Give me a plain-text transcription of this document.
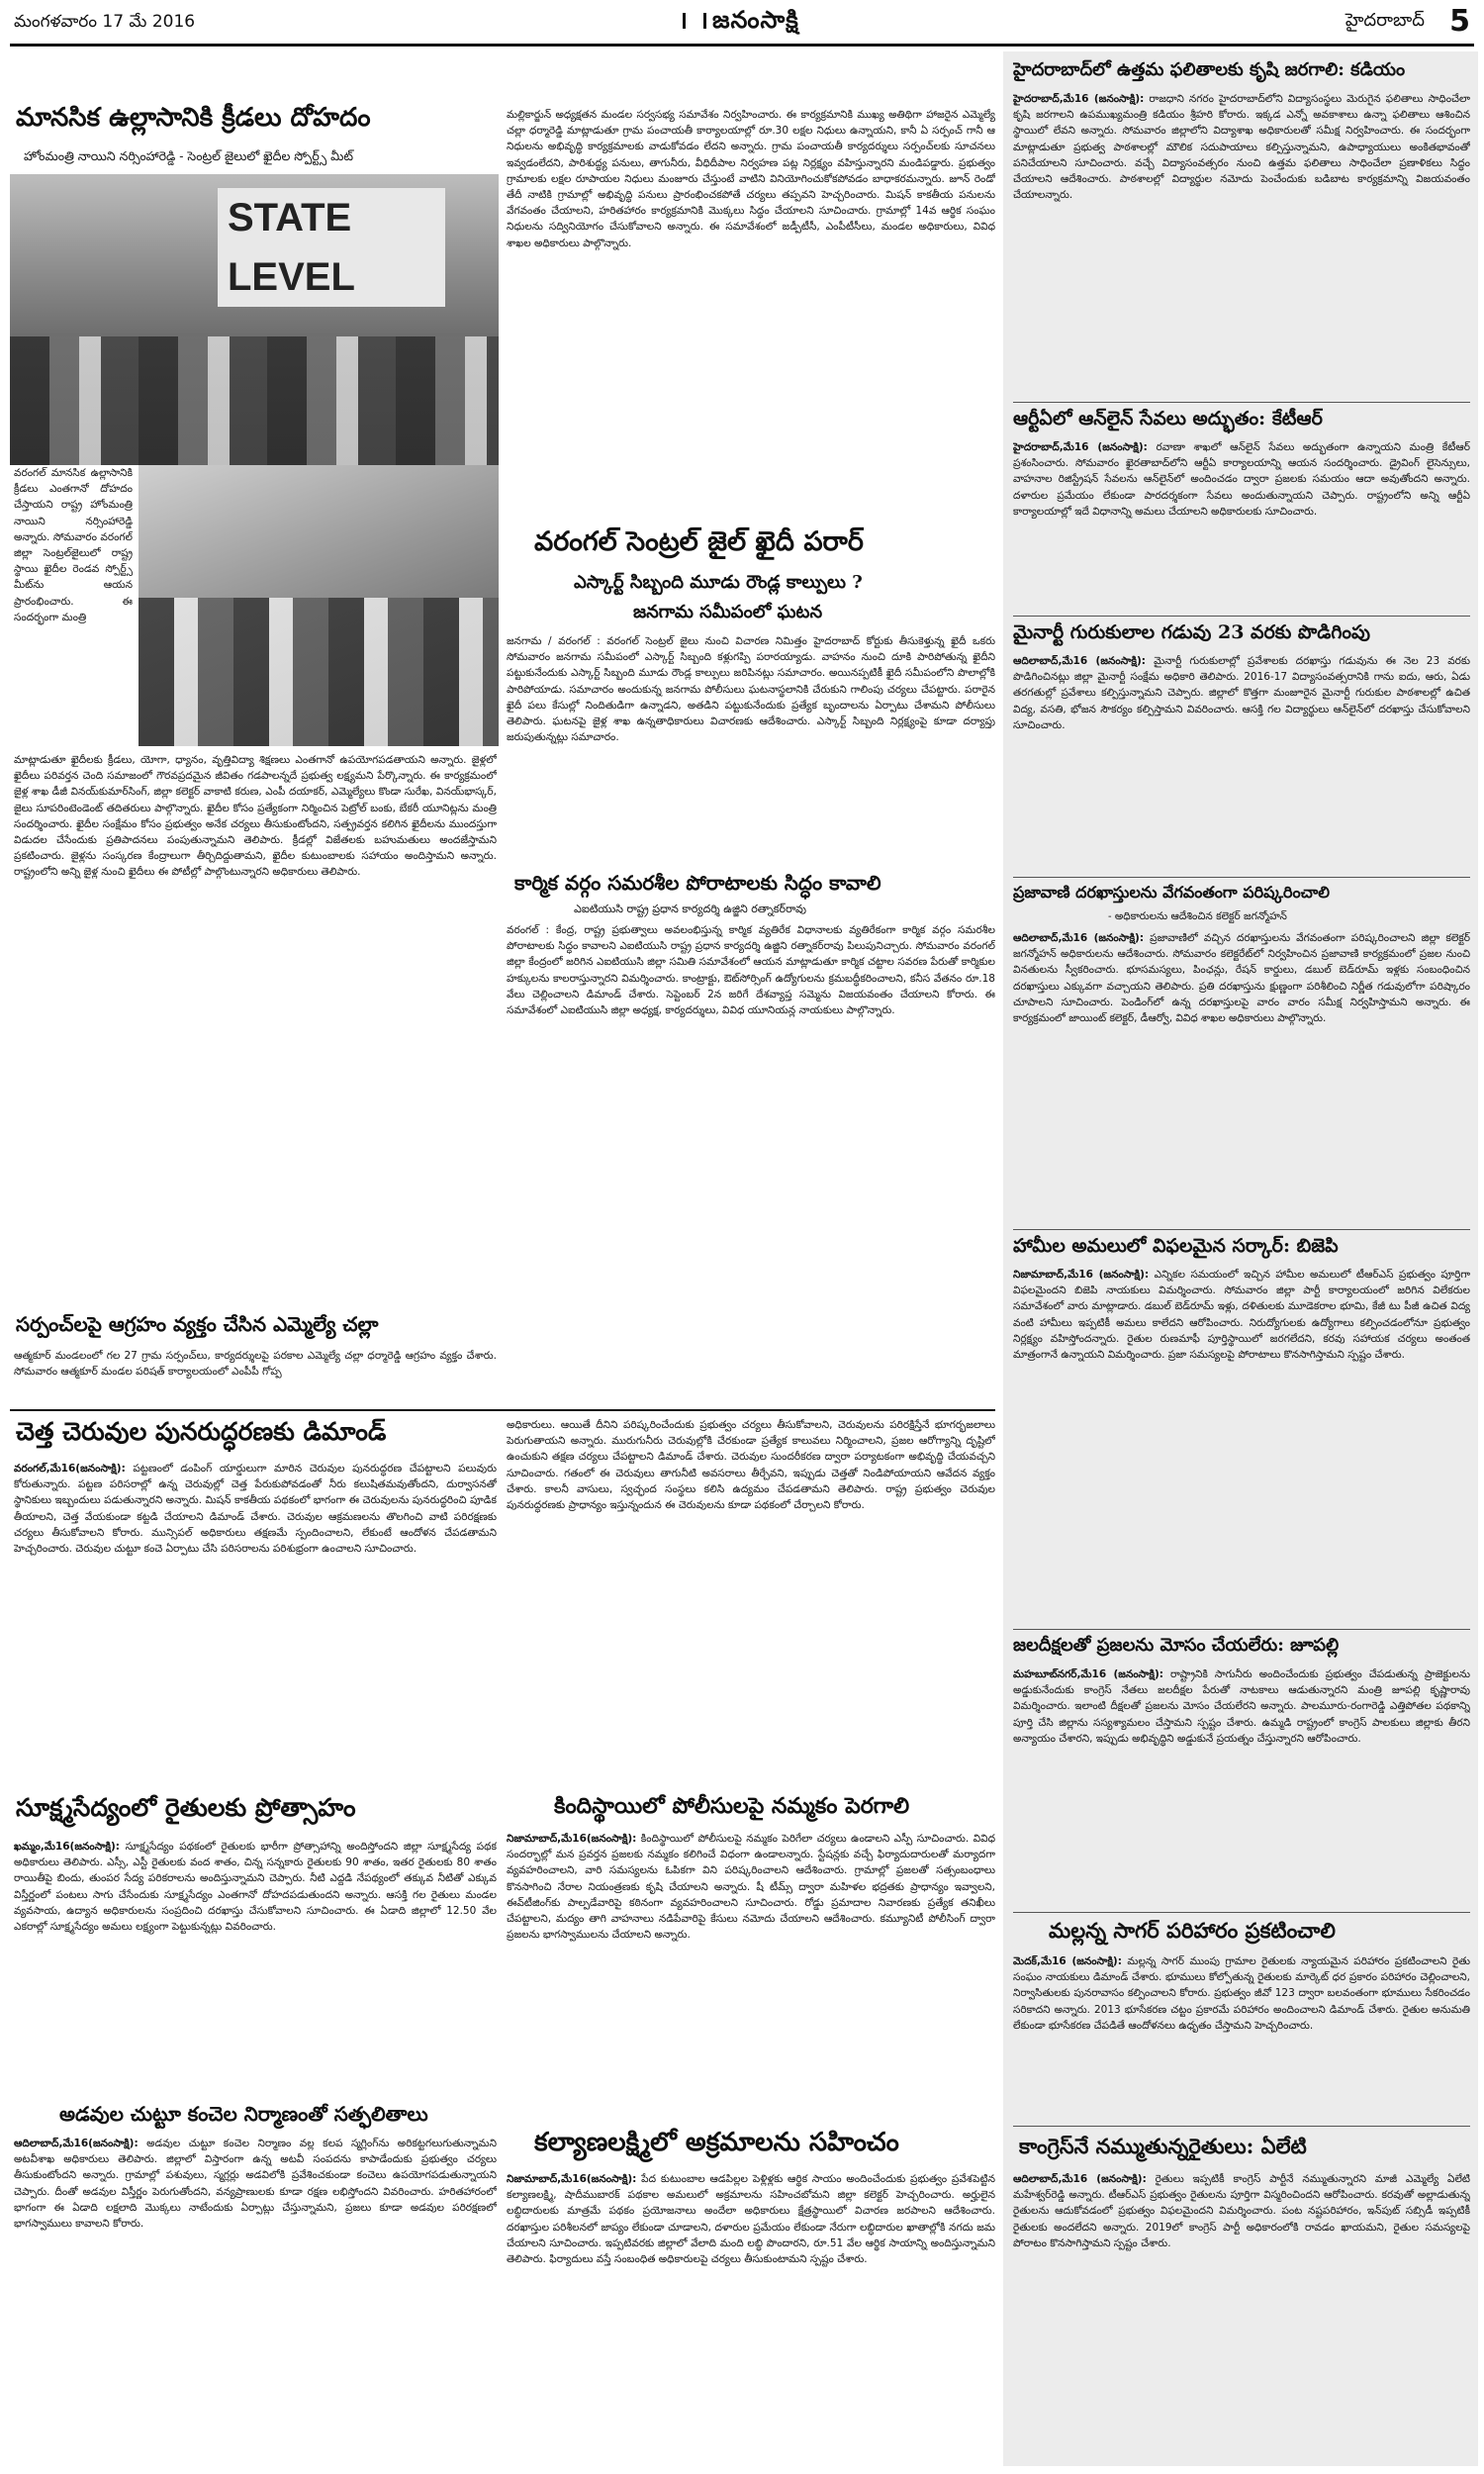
మంగళవారం 17 మే 2016	జనంసాక్షి	హైదరాబాద్ 5
మానసిక ఉల్లాసానికి క్రీడలు దోహదం
హోంమంత్రి నాయిని నర్సింహారెడ్డి - సెంట్రల్ జైలులో ఖైదీల స్పోర్ట్స్ మీట్
STATE LEVEL
వరంగల్ మానసిక ఉల్లాసానికి క్రీడలు ఎంతగానో దోహదం చేస్తాయని రాష్ట్ర హోంమంత్రి నాయిని నర్సింహారెడ్డి అన్నారు. సోమవారం వరంగల్ జిల్లా సెంట్రల్‌జైలులో రాష్ట్ర స్థాయి ఖైదీల రెండవ స్పోర్ట్స్ మీట్‌ను ఆయన ప్రారంభించారు. ఈ సందర్భంగా మంత్రి
మాట్లాడుతూ ఖైదీలకు క్రీడలు, యోగా, ధ్యానం, వృత్తివిద్యా శిక్షణలు ఎంతగానో ఉపయోగపడతాయని అన్నారు. జైళ్లలో ఖైదీలు పరివర్తన చెంది సమాజంలో గౌరవప్రదమైన జీవితం గడపాలన్నదే ప్రభుత్వ లక్ష్యమని పేర్కొన్నారు. ఈ కార్యక్రమంలో జైళ్ల శాఖ డీజీ వినయ్‌కుమార్‌సింగ్, జిల్లా కలెక్టర్ వాకాటి కరుణ, ఎంపీ దయాకర్, ఎమ్మెల్యేలు కొండా సురేఖ, వినయ్‌భాస్కర్, జైలు సూపరింటెండెంట్ తదితరులు పాల్గొన్నారు. ఖైదీల కోసం ప్రత్యేకంగా నిర్మించిన పెట్రోల్ బంకు, బేకరీ యూనిట్లను మంత్రి సందర్శించారు. ఖైదీల సంక్షేమం కోసం ప్రభుత్వం అనేక చర్యలు తీసుకుంటోందని, సత్ప్రవర్తన కలిగిన ఖైదీలను ముందస్తుగా విడుదల చేసేందుకు ప్రతిపాదనలు పంపుతున్నామని తెలిపారు. క్రీడల్లో విజేతలకు బహుమతులు అందజేస్తామని ప్రకటించారు. జైళ్లను సంస్కరణ కేంద్రాలుగా తీర్చిదిద్దుతామని, ఖైదీల కుటుంబాలకు సహాయం అందిస్తామని అన్నారు. రాష్ట్రంలోని అన్ని జైళ్ల నుంచి ఖైదీలు ఈ పోటీల్లో పాల్గొంటున్నారని అధికారులు తెలిపారు.
సర్పంచ్‌లపై ఆగ్రహం వ్యక్తం చేసిన ఎమ్మెల్యే చల్లా
ఆత్మకూర్ మండలంలో గల 27 గ్రామ సర్పంచ్‌లు, కార్యదర్శులపై పరకాల ఎమ్మెల్యే చల్లా ధర్మారెడ్డి ఆగ్రహం వ్యక్తం చేశారు. సోమవారం ఆత్మకూర్ మండల పరిషత్ కార్యాలయంలో ఎంపీపీ గోప్ప
మల్లికార్జున్ అధ్యక్షతన మండల సర్వసభ్య సమావేశం నిర్వహించారు. ఈ కార్యక్రమానికి ముఖ్య అతిథిగా హాజరైన ఎమ్మెల్యే చల్లా ధర్మారెడ్డి మాట్లాడుతూ గ్రామ పంచాయతీ కార్యాలయాల్లో రూ.30 లక్షల నిధులు ఉన్నాయని, కానీ ఏ సర్పంచ్ గానీ ఆ నిధులను అభివృద్ధి కార్యక్రమాలకు వాడుకోవడం లేదని అన్నారు. గ్రామ పంచాయతీ కార్యదర్శులు సర్పంచ్‌లకు సూచనలు ఇవ్వడంలేదని, పారిశుద్ధ్య పనులు, తాగునీరు, వీధిదీపాల నిర్వహణ పట్ల నిర్లక్ష్యం వహిస్తున్నారని మండిపడ్డారు. ప్రభుత్వం గ్రామాలకు లక్షల రూపాయల నిధులు మంజూరు చేస్తుంటే వాటిని వినియోగించుకోకపోవడం బాధాకరమన్నారు. జూన్ రెండో తేదీ నాటికి గ్రామాల్లో అభివృద్ధి పనులు ప్రారంభించకపోతే చర్యలు తప్పవని హెచ్చరించారు. మిషన్ కాకతీయ పనులను వేగవంతం చేయాలని, హరితహారం కార్యక్రమానికి మొక్కలు సిద్ధం చేయాలని సూచించారు. గ్రామాల్లో 14వ ఆర్థిక సంఘం నిధులను సద్వినియోగం చేసుకోవాలని అన్నారు. ఈ సమావేశంలో జడ్పీటీసీ, ఎంపీటీసీలు, మండల అధికారులు, వివిధ శాఖల అధికారులు పాల్గొన్నారు.
వరంగల్ సెంట్రల్ జైల్ ఖైదీ పరార్
ఎస్కార్ట్ సిబ్బంది మూడు రౌండ్ల కాల్పులు ?
జనగామ సమీపంలో ఘటన
జనగామ / వరంగల్ : వరంగల్ సెంట్రల్ జైలు నుంచి విచారణ నిమిత్తం హైదరాబాద్ కోర్టుకు తీసుకెళ్తున్న ఖైదీ ఒకరు సోమవారం జనగామ సమీపంలో ఎస్కార్ట్ సిబ్బంది కళ్లుగప్పి పరారయ్యాడు. వాహనం నుంచి దూకి పారిపోతున్న ఖైదీని పట్టుకునేందుకు ఎస్కార్ట్ సిబ్బంది మూడు రౌండ్ల కాల్పులు జరిపినట్లు సమాచారం. అయినప్పటికీ ఖైదీ సమీపంలోని పొలాల్లోకి పారిపోయాడు. సమాచారం అందుకున్న జనగామ పోలీసులు ఘటనాస్థలానికి చేరుకుని గాలింపు చర్యలు చేపట్టారు. పరారైన ఖైదీ పలు కేసుల్లో నిందితుడిగా ఉన్నాడని, అతడిని పట్టుకునేందుకు ప్రత్యేక బృందాలను ఏర్పాటు చేశామని పోలీసులు తెలిపారు. ఘటనపై జైళ్ల శాఖ ఉన్నతాధికారులు విచారణకు ఆదేశించారు. ఎస్కార్ట్ సిబ్బంది నిర్లక్ష్యంపై కూడా దర్యాప్తు జరుపుతున్నట్లు సమాచారం.
కార్మిక వర్గం సమరశీల పోరాటాలకు సిద్ధం కావాలి
ఎఐటియుసి రాష్ట్ర ప్రధాన కార్యదర్శి ఉజ్జిని రత్నాకర్‌రావు
వరంగల్ : కేంద్ర, రాష్ట్ర ప్రభుత్వాలు అవలంభిస్తున్న కార్మిక వ్యతిరేక విధానాలకు వ్యతిరేకంగా కార్మిక వర్గం సమరశీల పోరాటాలకు సిద్ధం కావాలని ఎఐటియుసి రాష్ట్ర ప్రధాన కార్యదర్శి ఉజ్జిని రత్నాకర్‌రావు పిలుపునిచ్చారు. సోమవారం వరంగల్ జిల్లా కేంద్రంలో జరిగిన ఎఐటియుసి జిల్లా సమితి సమావేశంలో ఆయన మాట్లాడుతూ కార్మిక చట్టాల సవరణ పేరుతో కార్మికుల హక్కులను కాలరాస్తున్నారని విమర్శించారు. కాంట్రాక్టు, ఔట్‌సోర్సింగ్ ఉద్యోగులను క్రమబద్ధీకరించాలని, కనీస వేతనం రూ.18 వేలు చెల్లించాలని డిమాండ్ చేశారు. సెప్టెంబర్ 2న జరిగే దేశవ్యాప్త సమ్మెను విజయవంతం చేయాలని కోరారు. ఈ సమావేశంలో ఎఐటియుసి జిల్లా అధ్యక్ష, కార్యదర్శులు, వివిధ యూనియన్ల నాయకులు పాల్గొన్నారు.
చెత్త చెరువుల పునరుద్ధరణకు డిమాండ్
వరంగల్,మే16(జనంసాక్షి): పట్టణంలో డంపింగ్ యార్డులుగా మారిన చెరువుల పునరుద్ధరణ చేపట్టాలని పలువురు కోరుతున్నారు. పట్టణ పరిసరాల్లో ఉన్న చెరువుల్లో చెత్త పేరుకుపోవడంతో నీరు కలుషితమవుతోందని, దుర్వాసనతో స్థానికులు ఇబ్బందులు పడుతున్నారని అన్నారు. మిషన్ కాకతీయ పథకంలో భాగంగా ఈ చెరువులను పునరుద్ధరించి పూడిక తీయాలని, చెత్త వేయకుండా కట్టడి చేయాలని డిమాండ్ చేశారు. చెరువుల ఆక్రమణలను తొలగించి వాటి పరిరక్షణకు చర్యలు తీసుకోవాలని కోరారు. మున్సిపల్ అధికారులు తక్షణమే స్పందించాలని, లేకుంటే ఆందోళన చేపడతామని హెచ్చరించారు. చెరువుల చుట్టూ కంచె ఏర్పాటు చేసి పరిసరాలను పరిశుభ్రంగా ఉంచాలని సూచించారు.
సూక్ష్మసేద్యంలో రైతులకు ప్రోత్సాహం
ఖమ్మం,మే16(జనంసాక్షి): సూక్ష్మసేద్యం పథకంలో రైతులకు భారీగా ప్రోత్సాహాన్ని అందిస్తోందని జిల్లా సూక్ష్మసేద్య పథక అధికారులు తెలిపారు. ఎస్సీ, ఎస్టీ రైతులకు వంద శాతం, చిన్న సన్నకారు రైతులకు 90 శాతం, ఇతర రైతులకు 80 శాతం రాయితీపై బిందు, తుంపర సేద్య పరికరాలను అందిస్తున్నామని చెప్పారు. నీటి ఎద్దడి నేపథ్యంలో తక్కువ నీటితో ఎక్కువ విస్తీర్ణంలో పంటలు సాగు చేసేందుకు సూక్ష్మసేద్యం ఎంతగానో దోహదపడుతుందని అన్నారు. ఆసక్తి గల రైతులు మండల వ్యవసాయ, ఉద్యాన అధికారులను సంప్రదించి దరఖాస్తు చేసుకోవాలని సూచించారు. ఈ ఏడాది జిల్లాలో 12.50 వేల ఎకరాల్లో సూక్ష్మసేద్యం అమలు లక్ష్యంగా పెట్టుకున్నట్లు వివరించారు.
అడవుల చుట్టూ కంచెల నిర్మాణంతో సత్ఫలితాలు
ఆదిలాబాద్,మే16(జనంసాక్షి): అడవుల చుట్టూ కంచెల నిర్మాణం వల్ల కలప స్మగ్లింగ్‌ను అరికట్టగలుగుతున్నామని అటవీశాఖ అధికారులు తెలిపారు. జిల్లాలో విస్తారంగా ఉన్న అటవీ సంపదను కాపాడేందుకు ప్రభుత్వం చర్యలు తీసుకుంటోందని అన్నారు. గ్రామాల్లో పశువులు, స్మగ్లర్లు అడవిలోకి ప్రవేశించకుండా కంచెలు ఉపయోగపడుతున్నాయని చెప్పారు. దీంతో అడవుల విస్తీర్ణం పెరుగుతోందని, వన్యప్రాణులకు కూడా రక్షణ లభిస్తోందని వివరించారు. హరితహారంలో భాగంగా ఈ ఏడాది లక్షలాది మొక్కలు నాటేందుకు ఏర్పాట్లు చేస్తున్నామని, ప్రజలు కూడా అడవుల పరిరక్షణలో భాగస్వాములు కావాలని కోరారు.
అధికారులు. ఆయితే దీనిని పరిష్కరించేందుకు ప్రభుత్వం చర్యలు తీసుకోవాలని, చెరువులను పరిరక్షిస్తేనే భూగర్భజలాలు పెరుగుతాయని అన్నారు. మురుగునీరు చెరువుల్లోకి చేరకుండా ప్రత్యేక కాలువలు నిర్మించాలని, ప్రజల ఆరోగ్యాన్ని దృష్టిలో ఉంచుకుని తక్షణ చర్యలు చేపట్టాలని డిమాండ్ చేశారు. చెరువుల సుందరీకరణ ద్వారా పర్యాటకంగా అభివృద్ధి చేయవచ్చని సూచించారు. గతంలో ఈ చెరువులు తాగునీటి అవసరాలు తీర్చేవని, ఇప్పుడు చెత్తతో నిండిపోయాయని ఆవేదన వ్యక్తం చేశారు. కాలనీ వాసులు, స్వచ్ఛంద సంస్థలు కలిసి ఉద్యమం చేపడతామని తెలిపారు. రాష్ట్ర ప్రభుత్వం చెరువుల పునరుద్ధరణకు ప్రాధాన్యం ఇస్తున్నందున ఈ చెరువులను కూడా పథకంలో చేర్చాలని కోరారు.
కిందిస్థాయిలో పోలీసులపై నమ్మకం పెరగాలి
నిజామాబాద్,మే16(జనంసాక్షి): కిందిస్థాయిలో పోలీసులపై నమ్మకం పెరిగేలా చర్యలు ఉండాలని ఎస్పీ సూచించారు. వివిధ సందర్భాల్లో మన ప్రవర్తన ప్రజలకు నమ్మకం కలిగించే విధంగా ఉండాలన్నారు. స్టేషన్లకు వచ్చే ఫిర్యాదుదారులతో మర్యాదగా వ్యవహరించాలని, వారి సమస్యలను ఓపికగా విని పరిష్కరించాలని ఆదేశించారు. గ్రామాల్లో ప్రజలతో సత్సంబంధాలు కొనసాగించి నేరాల నియంత్రణకు కృషి చేయాలని అన్నారు. షీ టీమ్స్ ద్వారా మహిళల భద్రతకు ప్రాధాన్యం ఇవ్వాలని, ఈవ్‌టీజింగ్‌కు పాల్పడేవారిపై కఠినంగా వ్యవహరించాలని సూచించారు. రోడ్డు ప్రమాదాల నివారణకు ప్రత్యేక తనిఖీలు చేపట్టాలని, మద్యం తాగి వాహనాలు నడిపేవారిపై కేసులు నమోదు చేయాలని ఆదేశించారు. కమ్యూనిటీ పోలీసింగ్ ద్వారా ప్రజలను భాగస్వాములను చేయాలని అన్నారు.
కల్యాణలక్ష్మిలో అక్రమాలను సహించం
నిజామాబాద్,మే16(జనంసాక్షి): పేద కుటుంబాల ఆడపిల్లల పెళ్లిళ్లకు ఆర్థిక సాయం అందించేందుకు ప్రభుత్వం ప్రవేశపెట్టిన కల్యాణలక్ష్మి, షాదీముబారక్ పథకాల అమలులో అక్రమాలను సహించబోమని జిల్లా కలెక్టర్ హెచ్చరించారు. అర్హులైన లబ్ధిదారులకు మాత్రమే పథకం ప్రయోజనాలు అందేలా అధికారులు క్షేత్రస్థాయిలో విచారణ జరపాలని ఆదేశించారు. దరఖాస్తుల పరిశీలనలో జాప్యం లేకుండా చూడాలని, దళారుల ప్రమేయం లేకుండా నేరుగా లబ్ధిదారుల ఖాతాల్లోకి నగదు జమ చేయాలని సూచించారు. ఇప్పటివరకు జిల్లాలో వేలాది మంది లబ్ధి పొందారని, రూ.51 వేల ఆర్థిక సాయాన్ని అందిస్తున్నామని తెలిపారు. ఫిర్యాదులు వస్తే సంబంధిత అధికారులపై చర్యలు తీసుకుంటామని స్పష్టం చేశారు.
హైదరాబాద్‌లో ఉత్తమ ఫలితాలకు కృషి జరగాలి: కడియం
హైదరాబాద్,మే16 (జనంసాక్షి): రాజధాని నగరం హైదరాబాద్‌లోని విద్యాసంస్థలు మెరుగైన ఫలితాలు సాధించేలా కృషి జరగాలని ఉపముఖ్యమంత్రి కడియం శ్రీహరి కోరారు. ఇక్కడ ఎన్నో అవకాశాలు ఉన్నా ఫలితాలు ఆశించిన స్థాయిలో లేవని అన్నారు. సోమవారం జిల్లాలోని విద్యాశాఖ అధికారులతో సమీక్ష నిర్వహించారు. ఈ సందర్భంగా మాట్లాడుతూ ప్రభుత్వ పాఠశాలల్లో మౌలిక సదుపాయాలు కల్పిస్తున్నామని, ఉపాధ్యాయులు అంకితభావంతో పనిచేయాలని సూచించారు. వచ్చే విద్యాసంవత్సరం నుంచి ఉత్తమ ఫలితాలు సాధించేలా ప్రణాళికలు సిద్ధం చేయాలని ఆదేశించారు. పాఠశాలల్లో విద్యార్థుల నమోదు పెంచేందుకు బడిబాట కార్యక్రమాన్ని విజయవంతం చేయాలన్నారు.
ఆర్టీఏలో ఆన్‌లైన్ సేవలు అద్భుతం: కేటీఆర్
హైదరాబాద్,మే16 (జనంసాక్షి): రవాణా శాఖలో ఆన్‌లైన్ సేవలు అద్భుతంగా ఉన్నాయని మంత్రి కేటీఆర్ ప్రశంసించారు. సోమవారం ఖైరతాబాద్‌లోని ఆర్టీఏ కార్యాలయాన్ని ఆయన సందర్శించారు. డ్రైవింగ్ లైసెన్సులు, వాహనాల రిజిస్ట్రేషన్ సేవలను ఆన్‌లైన్‌లో అందించడం ద్వారా ప్రజలకు సమయం ఆదా అవుతోందని అన్నారు. దళారుల ప్రమేయం లేకుండా పారదర్శకంగా సేవలు అందుతున్నాయని చెప్పారు. రాష్ట్రంలోని అన్ని ఆర్టీఏ కార్యాలయాల్లో ఇదే విధానాన్ని అమలు చేయాలని అధికారులకు సూచించారు.
మైనార్టీ గురుకులాల గడువు 23 వరకు పొడిగింపు
ఆదిలాబాద్,మే16 (జనంసాక్షి): మైనార్టీ గురుకులాల్లో ప్రవేశాలకు దరఖాస్తు గడువును ఈ నెల 23 వరకు పొడిగించినట్లు జిల్లా మైనార్టీ సంక్షేమ అధికారి తెలిపారు. 2016-17 విద్యాసంవత్సరానికి గాను ఐదు, ఆరు, ఏడు తరగతుల్లో ప్రవేశాలు కల్పిస్తున్నామని చెప్పారు. జిల్లాలో కొత్తగా మంజూరైన మైనార్టీ గురుకుల పాఠశాలల్లో ఉచిత విద్య, వసతి, భోజన సౌకర్యం కల్పిస్తామని వివరించారు. ఆసక్తి గల విద్యార్థులు ఆన్‌లైన్‌లో దరఖాస్తు చేసుకోవాలని సూచించారు.
ప్రజావాణి దరఖాస్తులను వేగవంతంగా పరిష్కరించాలి
- అధికారులను ఆదేశించిన కలెక్టర్ జగన్మోహన్
ఆదిలాబాద్,మే16 (జనంసాక్షి): ప్రజావాణిలో వచ్చిన దరఖాస్తులను వేగవంతంగా పరిష్కరించాలని జిల్లా కలెక్టర్ జగన్మోహన్ అధికారులను ఆదేశించారు. సోమవారం కలెక్టరేట్‌లో నిర్వహించిన ప్రజావాణి కార్యక్రమంలో ప్రజల నుంచి వినతులను స్వీకరించారు. భూసమస్యలు, పింఛన్లు, రేషన్ కార్డులు, డబుల్ బెడ్‌రూమ్ ఇళ్లకు సంబంధించిన దరఖాస్తులు ఎక్కువగా వచ్చాయని తెలిపారు. ప్రతి దరఖాస్తును క్షుణ్ణంగా పరిశీలించి నిర్ణీత గడువులోగా పరిష్కారం చూపాలని సూచించారు. పెండింగ్‌లో ఉన్న దరఖాస్తులపై వారం వారం సమీక్ష నిర్వహిస్తామని అన్నారు. ఈ కార్యక్రమంలో జాయింట్ కలెక్టర్, డీఆర్వో, వివిధ శాఖల అధికారులు పాల్గొన్నారు.
హామీల అమలులో విఫలమైన సర్కార్: బిజెపి
నిజామాబాద్,మే16 (జనంసాక్షి): ఎన్నికల సమయంలో ఇచ్చిన హామీల అమలులో టీఆర్ఎస్ ప్రభుత్వం పూర్తిగా విఫలమైందని బిజెపి నాయకులు విమర్శించారు. సోమవారం జిల్లా పార్టీ కార్యాలయంలో జరిగిన విలేకరుల సమావేశంలో వారు మాట్లాడారు. డబుల్ బెడ్‌రూమ్ ఇళ్లు, దళితులకు మూడెకరాల భూమి, కేజీ టు పీజీ ఉచిత విద్య వంటి హామీలు ఇప్పటికీ అమలు కాలేదని ఆరోపించారు. నిరుద్యోగులకు ఉద్యోగాలు కల్పించడంలోనూ ప్రభుత్వం నిర్లక్ష్యం వహిస్తోందన్నారు. రైతుల రుణమాఫీ పూర్తిస్థాయిలో జరగలేదని, కరవు సహాయక చర్యలు అంతంత మాత్రంగానే ఉన్నాయని విమర్శించారు. ప్రజా సమస్యలపై పోరాటాలు కొనసాగిస్తామని స్పష్టం చేశారు.
జలదీక్షలతో ప్రజలను మోసం చేయలేరు: జూపల్లి
మహబూబ్‌నగర్,మే16 (జనంసాక్షి): రాష్ట్రానికి సాగునీరు అందించేందుకు ప్రభుత్వం చేపడుతున్న ప్రాజెక్టులను అడ్డుకునేందుకు కాంగ్రెస్ నేతలు జలదీక్షల పేరుతో నాటకాలు ఆడుతున్నారని మంత్రి జూపల్లి కృష్ణారావు విమర్శించారు. ఇలాంటి దీక్షలతో ప్రజలను మోసం చేయలేరని అన్నారు. పాలమూరు-రంగారెడ్డి ఎత్తిపోతల పథకాన్ని పూర్తి చేసి జిల్లాను సస్యశ్యామలం చేస్తామని స్పష్టం చేశారు. ఉమ్మడి రాష్ట్రంలో కాంగ్రెస్ పాలకులు జిల్లాకు తీరని అన్యాయం చేశారని, ఇప్పుడు అభివృద్ధిని అడ్డుకునే ప్రయత్నం చేస్తున్నారని ఆరోపించారు.
మల్లన్న సాగర్ పరిహారం ప్రకటించాలి
మెదక్,మే16 (జనంసాక్షి): మల్లన్న సాగర్ ముంపు గ్రామాల రైతులకు న్యాయమైన పరిహారం ప్రకటించాలని రైతు సంఘం నాయకులు డిమాండ్ చేశారు. భూములు కోల్పోతున్న రైతులకు మార్కెట్ ధర ప్రకారం పరిహారం చెల్లించాలని, నిర్వాసితులకు పునరావాసం కల్పించాలని కోరారు. ప్రభుత్వం జీవో 123 ద్వారా బలవంతంగా భూములు సేకరించడం సరికాదని అన్నారు. 2013 భూసేకరణ చట్టం ప్రకారమే పరిహారం అందించాలని డిమాండ్ చేశారు. రైతుల అనుమతి లేకుండా భూసేకరణ చేపడితే ఆందోళనలు ఉధృతం చేస్తామని హెచ్చరించారు.
కాంగ్రెస్‌నే నమ్ముతున్నరైతులు: ఏలేటి
ఆదిలాబాద్,మే16 (జనంసాక్షి): రైతులు ఇప్పటికీ కాంగ్రెస్ పార్టీనే నమ్ముతున్నారని మాజీ ఎమ్మెల్యే ఏలేటి మహేశ్వర్‌రెడ్డి అన్నారు. టీఆర్ఎస్ ప్రభుత్వం రైతులను పూర్తిగా విస్మరించిందని ఆరోపించారు. కరవుతో అల్లాడుతున్న రైతులను ఆదుకోవడంలో ప్రభుత్వం విఫలమైందని విమర్శించారు. పంట నష్టపరిహారం, ఇన్‌పుట్ సబ్సిడీ ఇప్పటికీ రైతులకు అందలేదని అన్నారు. 2019లో కాంగ్రెస్ పార్టీ అధికారంలోకి రావడం ఖాయమని, రైతుల సమస్యలపై పోరాటం కొనసాగిస్తామని స్పష్టం చేశారు.
